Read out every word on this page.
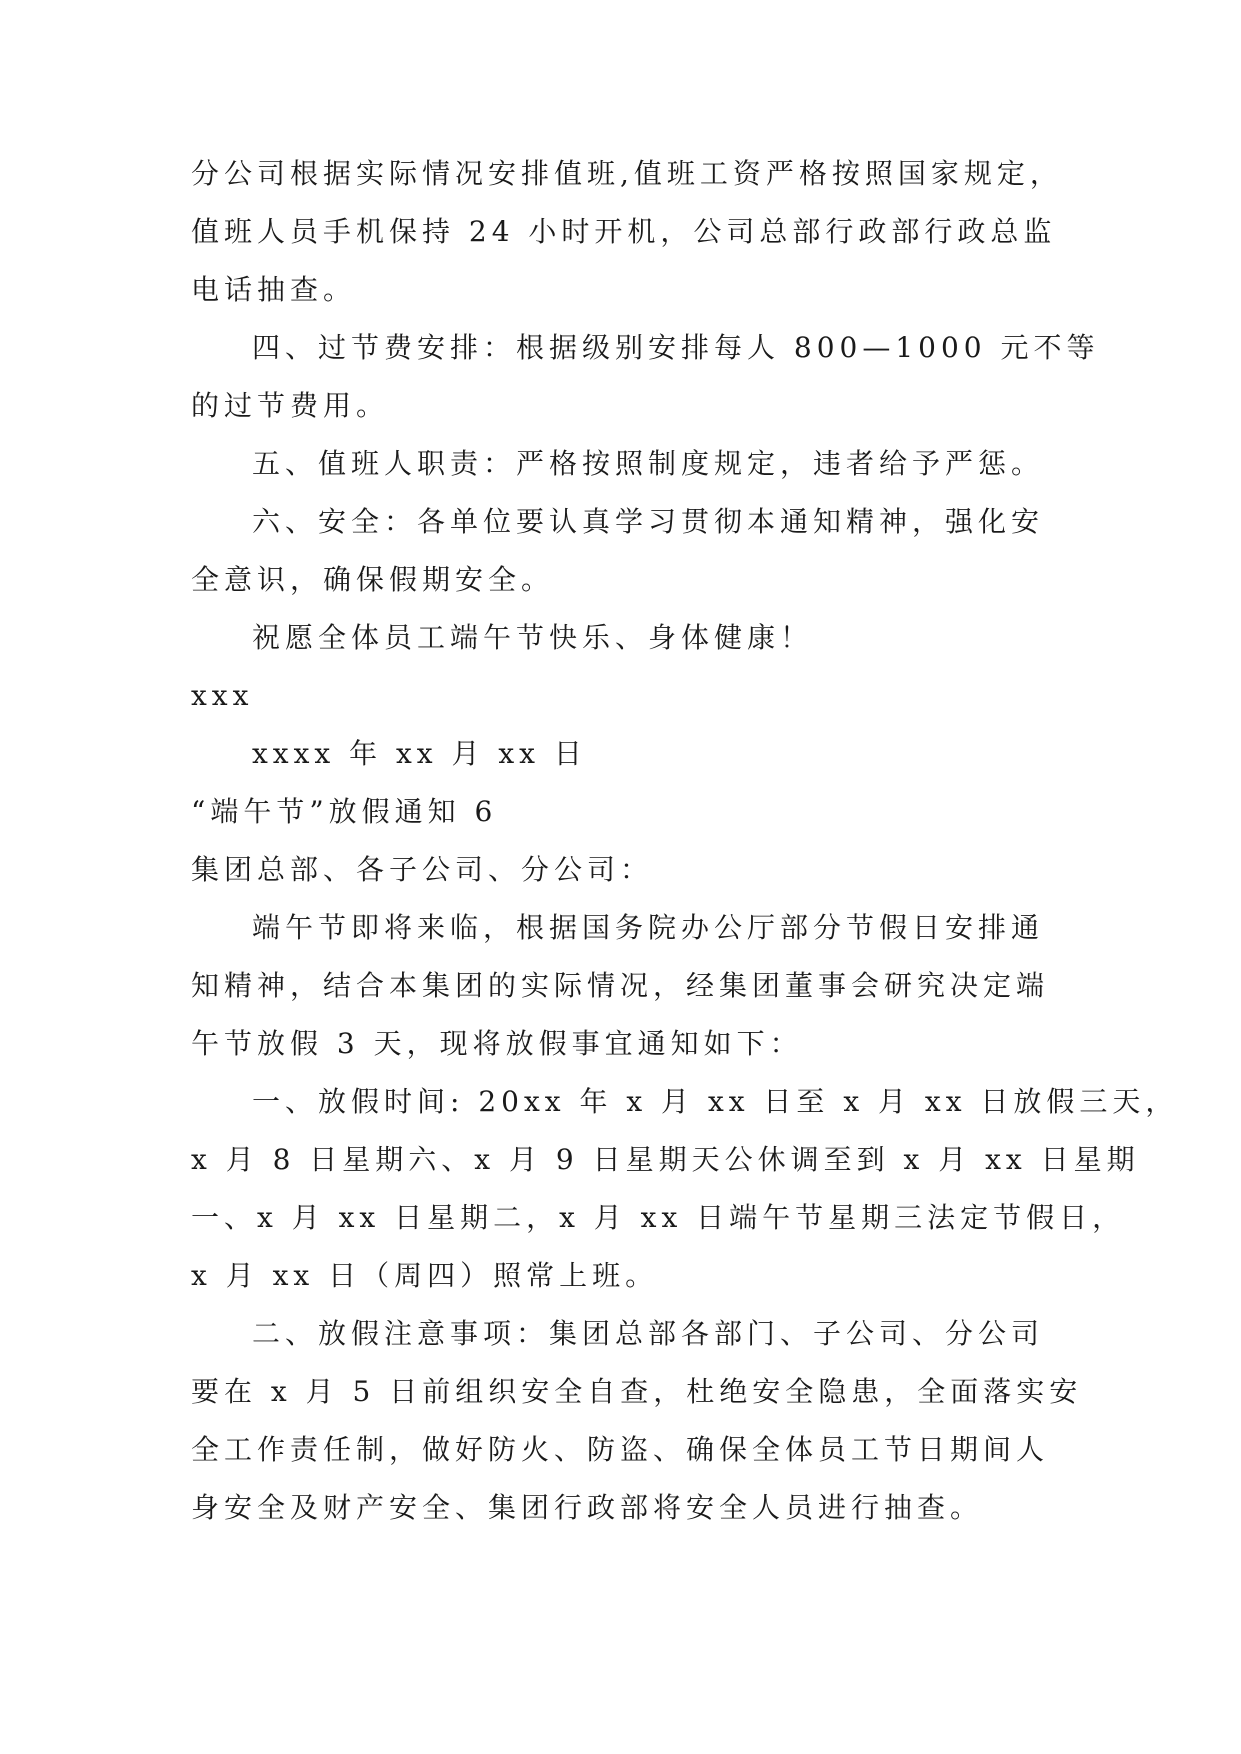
分公司根据实际情况安排值班,值班工资严格按照国家规定，
值班人员手机保持 24 小时开机，公司总部行政部行政总监
电话抽查。
四、过节费安排：根据级别安排每人 800—1000 元不等
的过节费用。
五、值班人职责：严格按照制度规定，违者给予严惩。
六、安全：各单位要认真学习贯彻本通知精神，强化安
全意识，确保假期安全。
祝愿全体员工端午节快乐、身体健康！
xxx
xxxx 年 xx 月 xx 日
“端午节”放假通知 6
集团总部、各子公司、分公司：
端午节即将来临，根据国务院办公厅部分节假日安排通
知精神，结合本集团的实际情况，经集团董事会研究决定端
午节放假 3 天，现将放假事宜通知如下：
一、放假时间: 20xx 年 x 月 xx 日至 x 月 xx 日放假三天，
x 月 8 日星期六、x 月 9 日星期天公休调至到 x 月 xx 日星期
一、x 月 xx 日星期二，x 月 xx 日端午节星期三法定节假日，
x 月 xx 日（周四）照常上班。
二、放假注意事项：集团总部各部门、子公司、分公司
要在 x 月 5 日前组织安全自查，杜绝安全隐患，全面落实安
全工作责任制，做好防火、防盗、确保全体员工节日期间人
身安全及财产安全、集团行政部将安全人员进行抽查。
